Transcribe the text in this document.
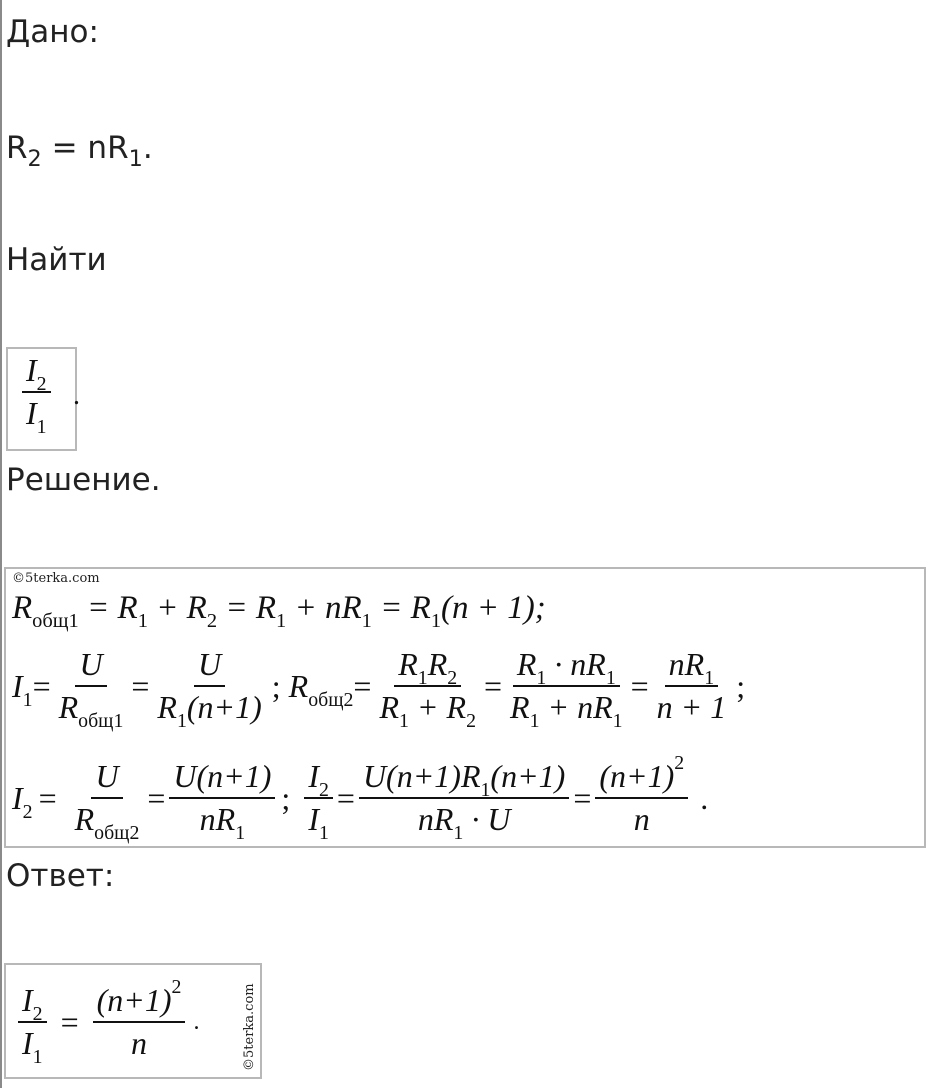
Дано:
$R_2 = nR_1$.
Найти
$\frac{I_2}{I_1}$ .
Решение.
©5terka.com
$R_{общ1} = R_1 + R_2 = R_1 + nR_1 = R_1(n + 1)$;
$I_1 = \frac{U}{R_{общ1}} = \frac{U}{R_1(n+1)}$ ; $R_{общ2} = \frac{R_1R_2}{R_1 + R_2} = \frac{R_1 \cdot nR_1}{R_1 + nR_1} = \frac{nR_1}{n + 1}$ ;
$I_2 = \frac{U}{R_{общ2}} = \frac{U(n+1)}{nR_1}$ ; $\frac{I_2}{I_1} = \frac{U(n+1)R_1(n+1)}{nR_1 \cdot U} = \frac{(n+1)^2}{n}$ .
Ответ:
$\frac{I_2}{I_1} = \frac{(n+1)^2}{n}$ .	©5terka.com
